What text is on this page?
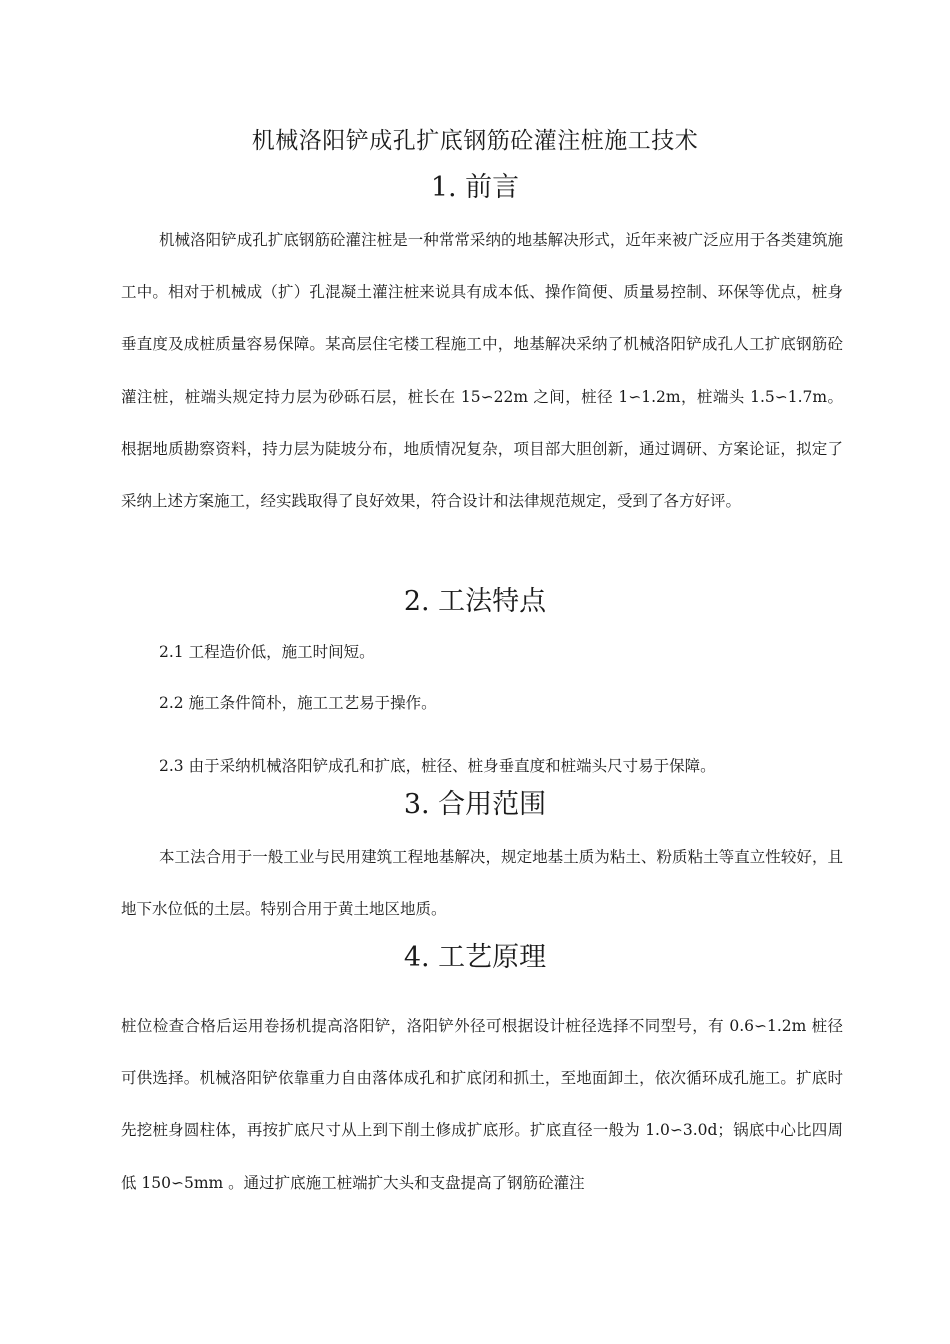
机械洛阳铲成孔扩底钢筋砼灌注桩施工技术
1. 前言

机械洛阳铲成孔扩底钢筋砼灌注桩是一种常常采纳的地基解决形式，近年来被广泛应用于各类建筑施工中。相对于机械成（扩）孔混凝土灌注桩来说具有成本低、操作简便、质量易控制、环保等优点，桩身垂直度及成桩质量容易保障。某高层住宅楼工程施工中，地基解决采纳了机械洛阳铲成孔人工扩底钢筋砼灌注桩，桩端头规定持力层为砂砾石层，桩长在 15∽22m 之间，桩径 1∽1.2m，桩端头 1.5∽1.7m。根据地质勘察资料，持力层为陡坡分布，地质情况复杂，项目部大胆创新，通过调研、方案论证，拟定了采纳上述方案施工，经实践取得了良好效果，符合设计和法律规范规定，受到了各方好评。

2. 工法特点

2.1 工程造价低，施工时间短。

2.2 施工条件简朴，施工工艺易于操作。

2.3 由于采纳机械洛阳铲成孔和扩底，桩径、桩身垂直度和桩端头尺寸易于保障。

3. 合用范围

本工法合用于一般工业与民用建筑工程地基解决，规定地基土质为粘土、粉质粘土等直立性较好，且地下水位低的土层。特别合用于黄土地区地质。

4. 工艺原理

桩位检查合格后运用卷扬机提高洛阳铲，洛阳铲外径可根据设计桩径选择不同型号，有 0.6∽1.2m 桩径可供选择。机械洛阳铲依靠重力自由落体成孔和扩底闭和抓土，至地面卸土，依次循环成孔施工。扩底时先挖桩身圆柱体，再按扩底尺寸从上到下削土修成扩底形。扩底直径一般为 1.0∽3.0d；锅底中心比四周低 150∽5mm 。通过扩底施工桩端扩大头和支盘提高了钢筋砼灌注
